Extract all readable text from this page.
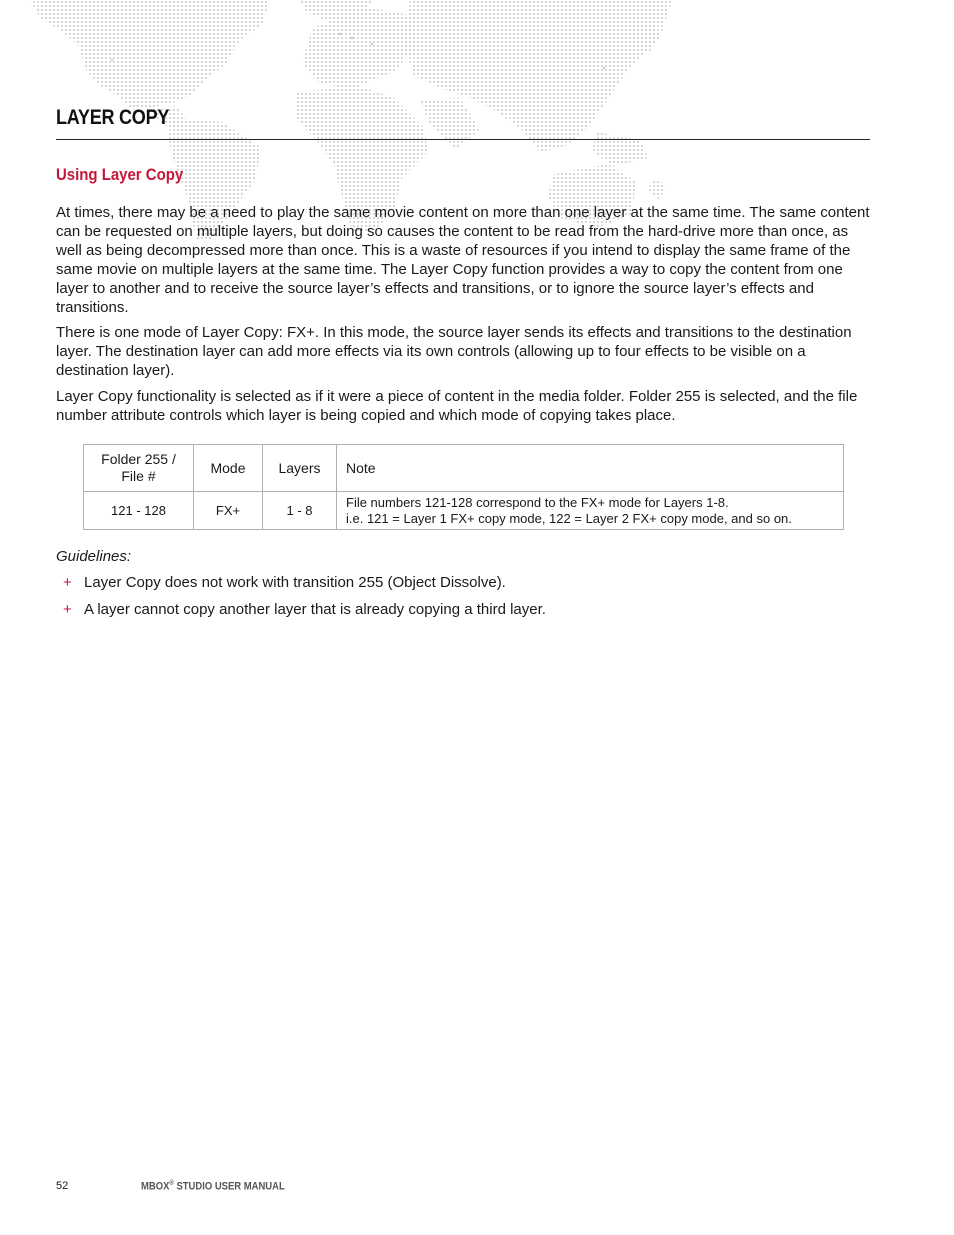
LAYER COPY
Using Layer Copy

At times, there may be a need to play the same movie content on more than one layer at the same time. The same content can be requested on multiple layers, but doing so causes the content to be read from the hard-drive more than once, as well as being decompressed more than once. This is a waste of resources if you intend to display the same frame of the same movie on multiple layers at the same time. The Layer Copy function provides a way to copy the content from one layer to another and to receive the source layer’s effects and transitions, or to ignore the source layer’s effects and transitions.

There is one mode of Layer Copy: FX+. In this mode, the source layer sends its effects and transitions to the destination layer. The destination layer can add more effects via its own controls (allowing up to four effects to be visible on a destination layer).

Layer Copy functionality is selected as if it were a piece of content in the media folder. Folder 255 is selected, and the file number attribute controls which layer is being copied and which mode of copying takes place.

Folder 255 /
File #	Mode	Layers	Note
121 - 128	FX+	1 - 8	File numbers 121-128 correspond to the FX+ mode for Layers 1-8.
i.e. 121 = Layer 1 FX+ copy mode, 122 = Layer 2 FX+ copy mode, and so on.

Guidelines:

+ Layer Copy does not work with transition 255 (Object Dissolve).
+ A layer cannot copy another layer that is already copying a third layer.
52	MBOX® STUDIO USER MANUAL
